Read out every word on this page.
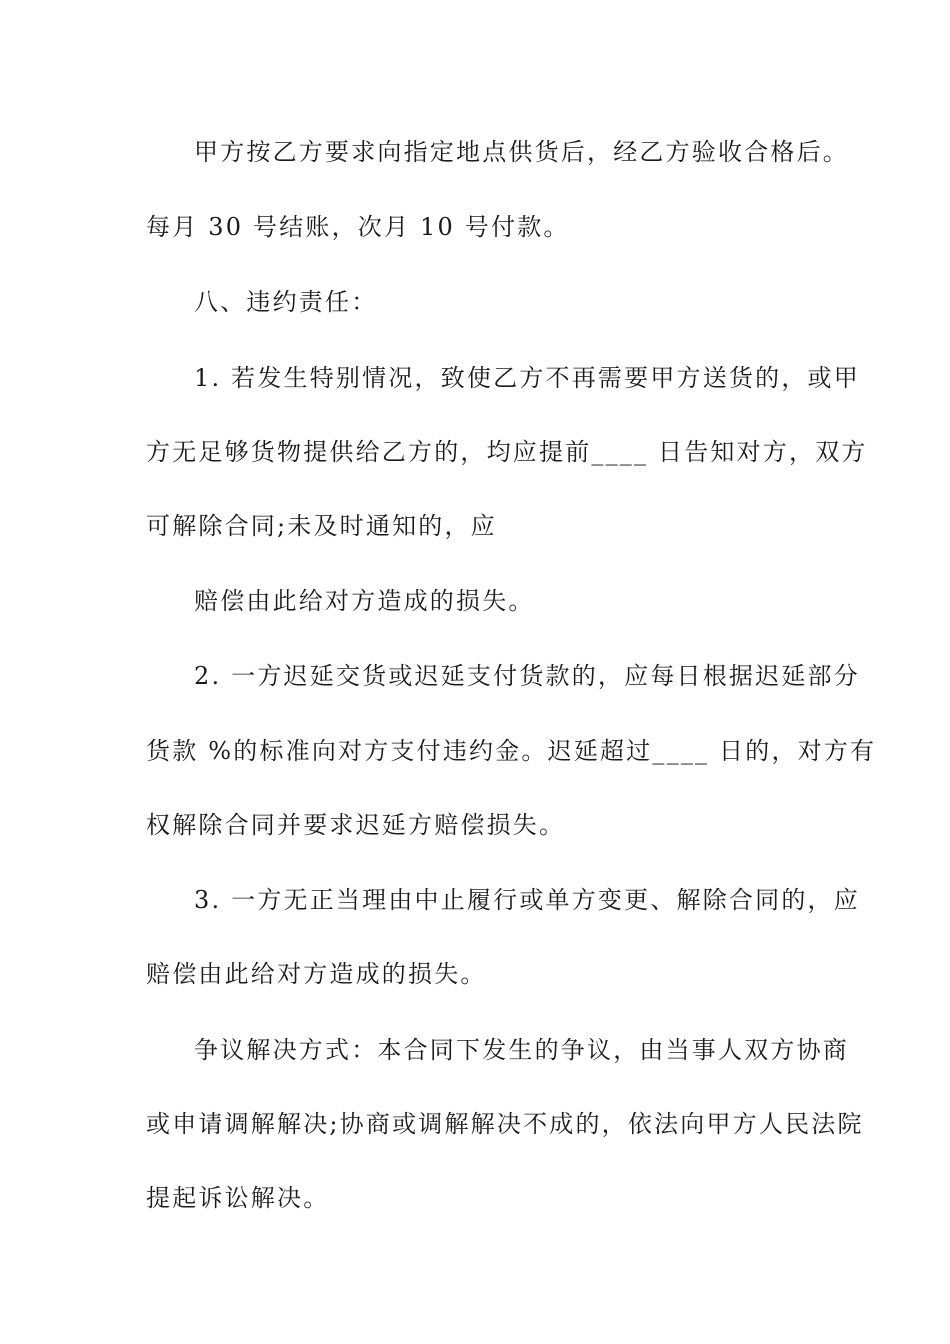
甲方按乙方要求向指定地点供货后，经乙方验收合格后。
每月 30 号结账，次月 10 号付款。
八、违约责任：
1. 若发生特别情况，致使乙方不再需要甲方送货的，或甲
方无足够货物提供给乙方的，均应提前____ 日告知对方，双方
可解除合同;未及时通知的，应
赔偿由此给对方造成的损失。
2. 一方迟延交货或迟延支付货款的，应每日根据迟延部分
货款 %的标准向对方支付违约金。迟延超过____ 日的，对方有
权解除合同并要求迟延方赔偿损失。
3. 一方无正当理由中止履行或单方变更、解除合同的，应
赔偿由此给对方造成的损失。
争议解决方式：本合同下发生的争议，由当事人双方协商
或申请调解解决;协商或调解解决不成的，依法向甲方人民法院
提起诉讼解决。
